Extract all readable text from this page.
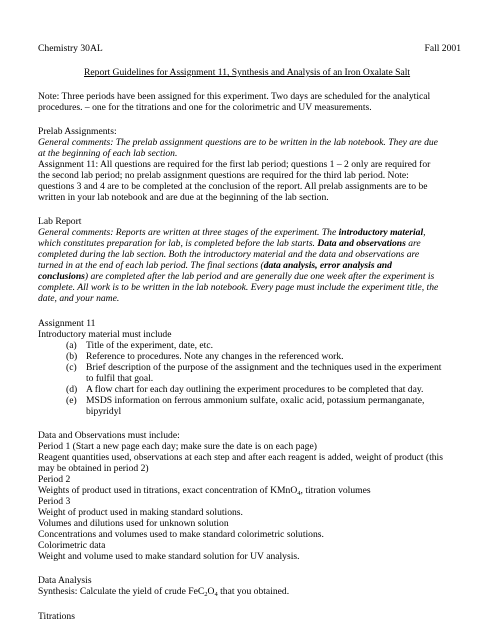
Chemistry 30AL	Fall 2001
Report Guidelines for Assignment 11, Synthesis and Analysis of an Iron Oxalate Salt
Note: Three periods have been assigned for this experiment. Two days are scheduled for the analytical
procedures. – one for the titrations and one for the colorimetric and UV measurements.
Prelab Assignments:
General comments: The prelab assignment questions are to be written in the lab notebook. They are due
at the beginning of each lab section.
Assignment 11: All questions are required for the first lab period; questions 1 – 2 only are required for
the second lab period; no prelab assignment questions are required for the third lab period. Note:
questions 3 and 4 are to be completed at the conclusion of the report. All prelab assignments are to be
written in your lab notebook and are due at the beginning of the lab section.
Lab Report
General comments: Reports are written at three stages of the experiment. The introductory material,
which constitutes preparation for lab, is completed before the lab starts. Data and observations are
completed during the lab section. Both the introductory material and the data and observations are
turned in at the end of each lab period. The final sections (data analysis, error analysis and
conclusions) are completed after the lab period and are generally due one week after the experiment is
complete. All work is to be written in the lab notebook. Every page must include the experiment title, the
date, and your name.
Assignment 11
Introductory material must include
(a) Title of the experiment, date, etc.
(b) Reference to procedures. Note any changes in the referenced work.
(c) Brief description of the purpose of the assignment and the techniques used in the experiment
to fulfil that goal.
(d) A flow chart for each day outlining the experiment procedures to be completed that day.
(e) MSDS information on ferrous ammonium sulfate, oxalic acid, potassium permanganate,
bipyridyl
Data and Observations must include:
Period 1 (Start a new page each day; make sure the date is on each page)
Reagent quantities used, observations at each step and after each reagent is added, weight of product (this
may be obtained in period 2)
Period 2
Weights of product used in titrations, exact concentration of KMnO$_4$, titration volumes
Period 3
Weight of product used in making standard solutions.
Volumes and dilutions used for unknown solution
Concentrations and volumes used to make standard colorimetric solutions.
Colorimetric data
Weight and volume used to make standard solution for UV analysis.
Data Analysis
Synthesis: Calculate the yield of crude $FeC_2O_4$ that you obtained.
Titrations
